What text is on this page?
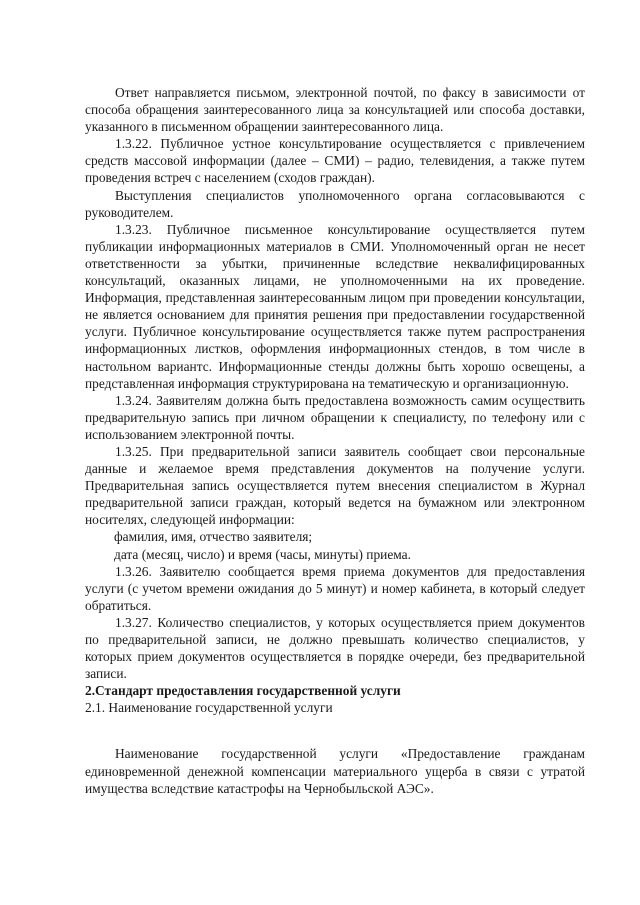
Ответ направляется письмом, электронной почтой, по факсу в зависимости от способа обращения заинтересованного лица за консультацией или способа доставки, указанного в письменном обращении заинтересованного лица.

1.3.22. Публичное устное консультирование осуществляется с привлечением средств массовой информации (далее – СМИ) – радио, телевидения, а также путем проведения встреч с населением (сходов граждан).

Выступления специалистов уполномоченного органа согласовываются с руководителем.

1.3.23. Публичное письменное консультирование осуществляется путем публикации информационных материалов в СМИ. Уполномоченный орган не несет ответственности за убытки, причиненные вследствие неквалифицированных консультаций, оказанных лицами, не уполномоченными на их проведение. Информация, представленная заинтересованным лицом при проведении консультации, не является основанием для принятия решения при предоставлении государственной услуги. Публичное консультирование осуществляется также путем распространения информационных листков, оформления информационных стендов, в том числе в настольном вариантс. Информационные стенды должны быть хорошо освещены, а представленная информация структурирована на тематическую и организационную.

1.3.24. Заявителям должна быть предоставлена возможность самим осуществить предварительную запись при личном обращении к специалисту, по телефону или с использованием электронной почты.

1.3.25. При предварительной записи заявитель сообщает свои персональные данные и желаемое время представления документов на получение услуги. Предварительная запись осуществляется путем внесения специалистом в Журнал предварительной записи граждан, который ведется на бумажном или электронном носителях, следующей информации:

фамилия, имя, отчество заявителя;

дата (месяц, число) и время (часы, минуты) приема.

1.3.26. Заявителю сообщается время приема документов для предоставления услуги (с учетом времени ожидания до 5 минут) и номер кабинета, в который следует обратиться.

1.3.27. Количество специалистов, у которых осуществляется прием документов по предварительной записи, не должно превышать количество специалистов, у которых прием документов осуществляется в порядке очереди, без предварительной записи.

2.Стандарт предоставления государственной услуги

2.1. Наименование государственной услуги

Наименование государственной услуги «Предоставление гражданам единовременной денежной компенсации материального ущерба в связи с утратой имущества вследствие катастрофы на Чернобыльской АЭС».
